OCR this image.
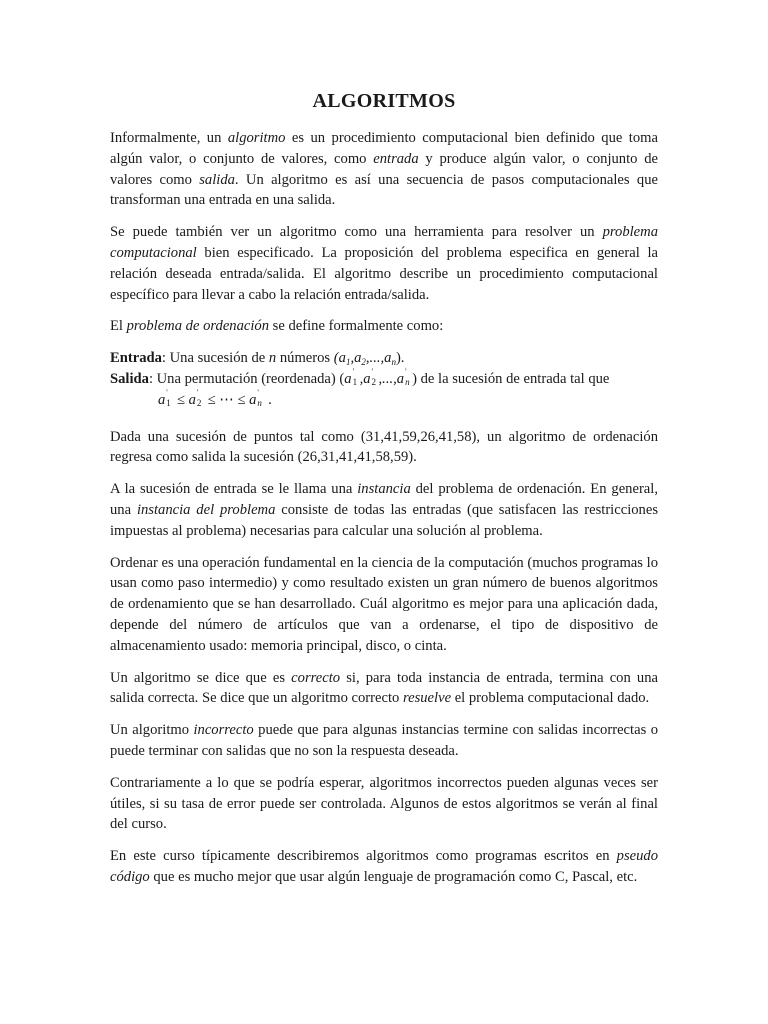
ALGORITMOS

Informalmente, un algoritmo es un procedimiento computacional bien definido que toma algún valor, o conjunto de valores, como entrada y produce algún valor, o conjunto de valores como salida. Un algoritmo es así una secuencia de pasos computacionales que transforman una entrada en una salida.

Se puede también ver un algoritmo como una herramienta para resolver un problema computacional bien especificado. La proposición del problema especifica en general la relación deseada entrada/salida. El algoritmo describe un procedimiento computacional específico para llevar a cabo la relación entrada/salida.

El problema de ordenación se define formalmente como:

Entrada: Una sucesión de n números $(a_1,a_2,...,a_n)$.
Salida: Una permutación (reordenada) (a '
1 ,a '
2 ,...,a '
n ) de la sucesión de entrada tal que
a '
1 ≤ a '
2 ≤ ⋯ ≤ a '
n .

Dada una sucesión de puntos tal como (31,41,59,26,41,58), un algoritmo de ordenación regresa como salida la sucesión (26,31,41,41,58,59).

A la sucesión de entrada se le llama una instancia del problema de ordenación. En general, una instancia del problema consiste de todas las entradas (que satisfacen las restricciones impuestas al problema) necesarias para calcular una solución al problema.

Ordenar es una operación fundamental en la ciencia de la computación (muchos programas lo usan como paso intermedio) y como resultado existen un gran número de buenos algoritmos de ordenamiento que se han desarrollado. Cuál algoritmo es mejor para una aplicación dada, depende del número de artículos que van a ordenarse, el tipo de dispositivo de almacenamiento usado: memoria principal, disco, o cinta.

Un algoritmo se dice que es correcto si, para toda instancia de entrada, termina con una salida correcta. Se dice que un algoritmo correcto resuelve el problema computacional dado.

Un algoritmo incorrecto puede que para algunas instancias termine con salidas incorrectas o puede terminar con salidas que no son la respuesta deseada.

Contrariamente a lo que se podría esperar, algoritmos incorrectos pueden algunas veces ser útiles, si su tasa de error puede ser controlada. Algunos de estos algoritmos se verán al final del curso.

En este curso típicamente describiremos algoritmos como programas escritos en pseudo código que es mucho mejor que usar algún lenguaje de programación como C, Pascal, etc.
